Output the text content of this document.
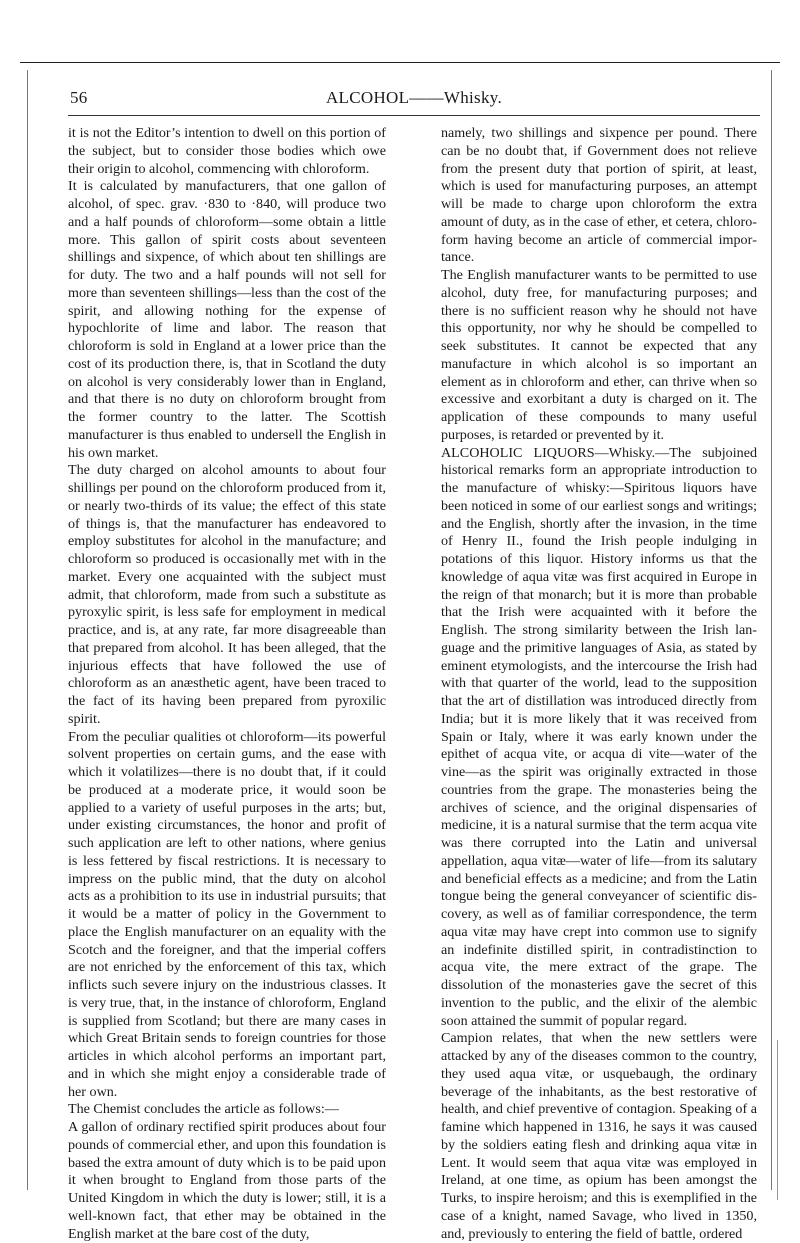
56	ALCOHOL——Whisky.

it is not the Editor’s intention to dwell on this portion of the subject, but to consider those bodies which owe their origin to alcohol, commencing with chloroform.

It is calculated by manufacturers, that one gallon of alcohol, of spec. grav. ·830 to ·840, will produce two and a half pounds of chloroform—some obtain a little more. This gallon of spirit costs about seventeen shillings and sixpence, of which about ten shillings are for duty. The two and a half pounds will not sell for more than seventeen shillings—less than the cost of the spirit, and allowing nothing for the expense of hypochlorite of lime and labor. The reason that chloroform is sold in England at a lower price than the cost of its production there, is, that in Scotland the duty on alcohol is very considerably lower than in England, and that there is no duty on chloroform brought from the former country to the latter. The Scottish manufacturer is thus enabled to undersell the English in his own market.

The duty charged on alcohol amounts to about four shillings per pound on the chloroform produced from it, or nearly two-thirds of its value; the effect of this state of things is, that the manufacturer has endeavored to employ substitutes for alcohol in the manufacture; and chloroform so produced is occasionally met with in the market. Every one acquainted with the subject must admit, that chloroform, made from such a substitute as pyroxylic spirit, is less safe for employment in medical practice, and is, at any rate, far more disagreeable than that prepared from alcohol. It has been alleged, that the injurious effects that have followed the use of chloroform as an anæsthetic agent, have been traced to the fact of its having been prepared from pyroxilic spirit.

From the peculiar qualities ot chloroform—its powerful solvent properties on certain gums, and the ease with which it volatilizes—there is no doubt that, if it could be produced at a moderate price, it would soon be applied to a variety of useful purposes in the arts; but, under existing circumstances, the honor and profit of such application are left to other nations, where genius is less fettered by fiscal restrictions. It is necessary to impress on the public mind, that the duty on alcohol acts as a prohibition to its use in industrial pursuits; that it would be a matter of policy in the Government to place the English manufacturer on an equality with the Scotch and the foreigner, and that the imperial coffers are not enriched by the enforcement of this tax, which inflicts such severe injury on the industrious classes. It is very true, that, in the instance of chloroform, England is supplied from Scotland; but there are many cases in which Great Britain sends to foreign countries for those articles in which alcohol performs an important part, and in which she might enjoy a considerable trade of her own.

The Chemist concludes the article as follows:—

A gallon of ordinary rectified spirit produces about four pounds of commercial ether, and upon this foundation is based the extra amount of duty which is to be paid upon it when brought to England from those parts of the United Kingdom in which the duty is lower; still, it is a well-known fact, that ether may be obtained in the English market at the bare cost of the duty,

namely, two shillings and sixpence per pound. There can be no doubt that, if Government does not relieve from the present duty that portion of spirit, at least, which is used for manufacturing purposes, an attempt will be made to charge upon chloroform the extra amount of duty, as in the case of ether, et cetera, chloroform having become an article of commercial importance.

The English manufacturer wants to be permitted to use alcohol, duty free, for manufacturing purposes; and there is no sufficient reason why he should not have this opportunity, nor why he should be compelled to seek substitutes. It cannot be expected that any manufacture in which alcohol is so important an element as in chloroform and ether, can thrive when so excessive and exorbitant a duty is charged on it. The application of these compounds to many useful purposes, is retarded or prevented by it.

ALCOHOLIC LIQUORS—Whisky.—The subjoined historical remarks form an appropriate introduction to the manufacture of whisky:—Spiritous liquors have been noticed in some of our earliest songs and writings; and the English, shortly after the invasion, in the time of Henry II., found the Irish people indulging in potations of this liquor. History informs us that the knowledge of aqua vitæ was first acquired in Europe in the reign of that monarch; but it is more than probable that the Irish were acquainted with it before the English. The strong similarity between the Irish language and the primitive languages of Asia, as stated by eminent etymologists, and the intercourse the Irish had with that quarter of the world, lead to the supposition that the art of distillation was introduced directly from India; but it is more likely that it was received from Spain or Italy, where it was early known under the epithet of acqua vite, or acqua di vite—water of the vine—as the spirit was originally extracted in those countries from the grape. The monasteries being the archives of science, and the original dispensaries of medicine, it is a natural surmise that the term acqua vite was there corrupted into the Latin and universal appellation, aqua vitæ—water of life—from its salutary and beneficial effects as a medicine; and from the Latin tongue being the general conveyancer of scientific discovery, as well as of familiar correspondence, the term aqua vitæ may have crept into common use to signify an indefinite distilled spirit, in contradistinction to acqua vite, the mere extract of the grape. The dissolution of the monasteries gave the secret of this invention to the public, and the elixir of the alembic soon attained the summit of popular regard.

Campion relates, that when the new settlers were attacked by any of the diseases common to the country, they used aqua vitæ, or usquebaugh, the ordinary beverage of the inhabitants, as the best restorative of health, and chief preventive of contagion. Speaking of a famine which happened in 1316, he says it was caused by the soldiers eating flesh and drinking aqua vitæ in Lent. It would seem that aqua vitæ was employed in Ireland, at one time, as opium has been amongst the Turks, to inspire heroism; and this is exemplified in the case of a knight, named Savage, who lived in 1350, and, previously to entering the field of battle, ordered
